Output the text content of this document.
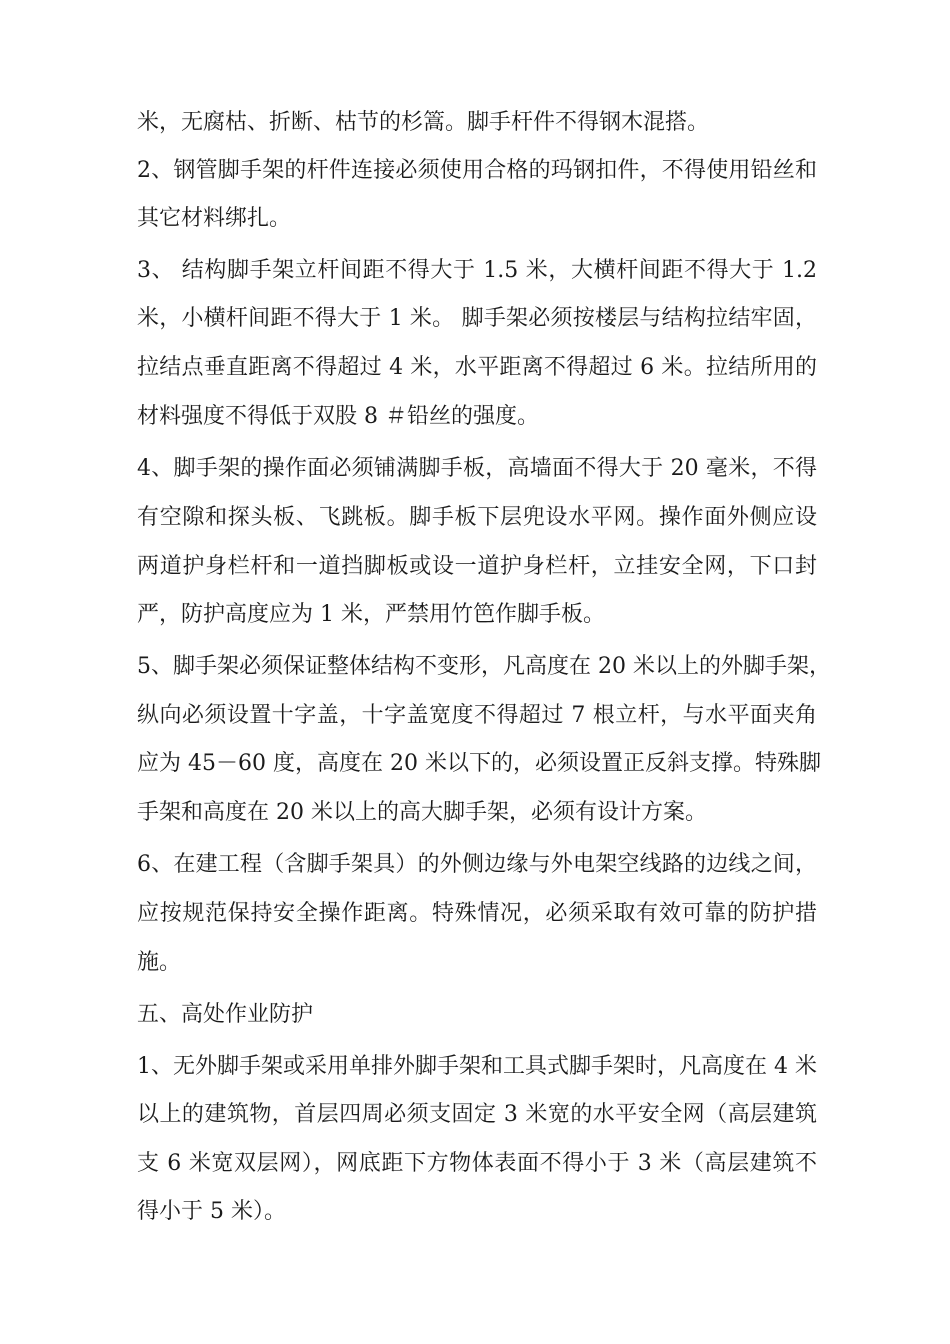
米，无腐枯、折断、枯节的杉篙。脚手杆件不得钢木混搭。
2、钢管脚手架的杆件连接必须使用合格的玛钢扣件，不得使用铅丝和
其它材料绑扎。
3、 结构脚手架立杆间距不得大于 1.5 米，大横杆间距不得大于 1.2
米，小横杆间距不得大于 1 米。 脚手架必须按楼层与结构拉结牢固，
拉结点垂直距离不得超过 4 米，水平距离不得超过 6 米。拉结所用的
材料强度不得低于双股 8 ＃铅丝的强度。
4、脚手架的操作面必须铺满脚手板，高墙面不得大于 20 毫米，不得
有空隙和探头板、飞跳板。脚手板下层兜设水平网。操作面外侧应设
两道护身栏杆和一道挡脚板或设一道护身栏杆，立挂安全网，下口封
严，防护高度应为 1 米，严禁用竹笆作脚手板。
5、脚手架必须保证整体结构不变形，凡高度在 20 米以上的外脚手架，
纵向必须设置十字盖，十字盖宽度不得超过 7 根立杆，与水平面夹角
应为 45－60 度，高度在 20 米以下的，必须设置正反斜支撑。特殊脚
手架和高度在 20 米以上的高大脚手架，必须有设计方案。
6、在建工程（含脚手架具）的外侧边缘与外电架空线路的边线之间，
应按规范保持安全操作距离。特殊情况，必须采取有效可靠的防护措
施。
五、高处作业防护
1、无外脚手架或采用单排外脚手架和工具式脚手架时，凡高度在 4 米
以上的建筑物，首层四周必须支固定 3 米宽的水平安全网（高层建筑
支 6 米宽双层网），网底距下方物体表面不得小于 3 米（高层建筑不
得小于 5 米）。
